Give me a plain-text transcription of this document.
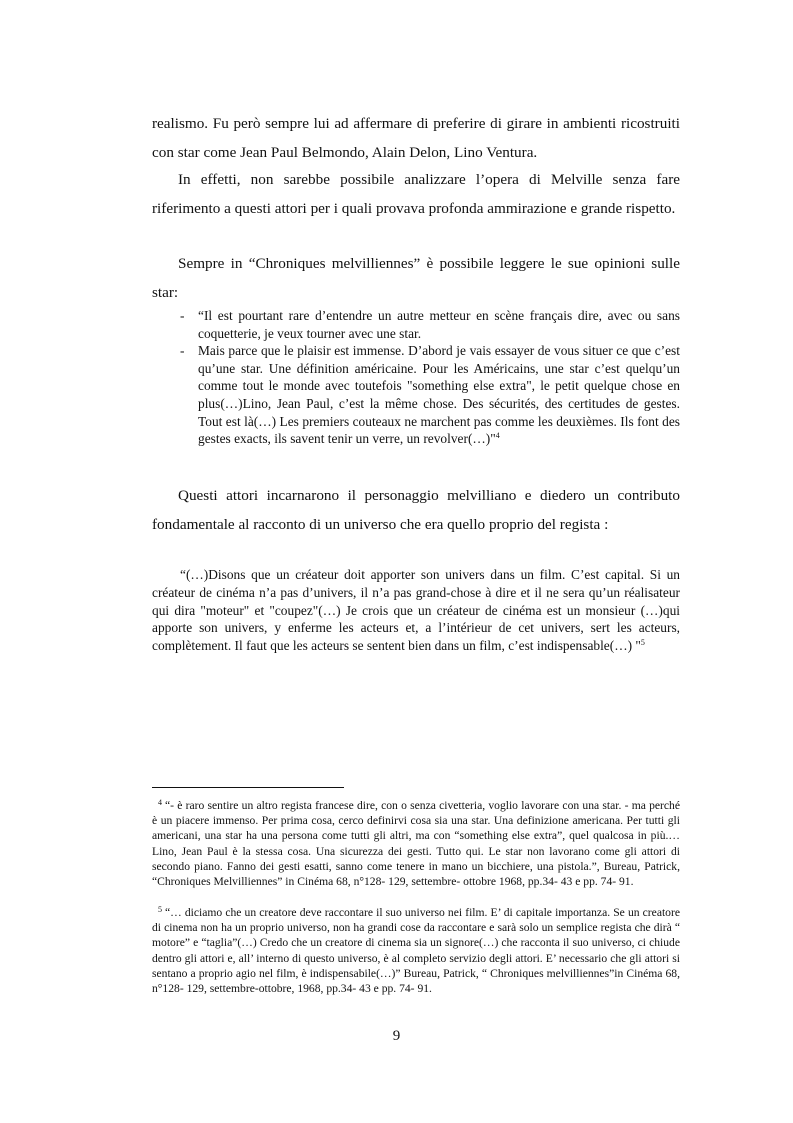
realismo. Fu però sempre lui ad affermare di preferire di girare in ambienti ricostruiti con star come Jean Paul Belmondo, Alain Delon, Lino Ventura.

In effetti, non sarebbe possibile analizzare l’opera di Melville senza fare riferimento a questi attori per i quali provava profonda ammirazione e grande rispetto.

Sempre in “Chroniques melvilliennes” è possibile leggere le sue opinioni sulle star:

- “Il est pourtant rare d’entendre un autre metteur en scène français dire, avec ou sans coquetterie, je veux tourner avec une star.
- Mais parce que le plaisir est immense. D’abord je vais essayer de vous situer ce que c’est qu’une star. Une définition américaine. Pour les Américains, une star c’est quelqu’un comme tout le monde avec toutefois "something else extra", le petit quelque chose en plus(…)Lino, Jean Paul, c’est la même chose. Des sécurités, des certitudes de gestes. Tout est là(…) Les premiers couteaux ne marchent pas comme les deuxièmes. Ils font des gestes exacts, ils savent tenir un verre, un revolver(…)"$^4$

Questi attori incarnarono il personaggio melvilliano e diedero un contributo fondamentale al racconto di un universo che era quello proprio del regista :

“(…)Disons que un créateur doit apporter son univers dans un film. C’est capital. Si un créateur de cinéma n’a pas d’univers, il n’a pas grand-chose à dire et il ne sera qu’un réalisateur qui dira "moteur" et "coupez"(…) Je crois que un créateur de cinéma est un monsieur (…)qui apporte son univers, y enferme les acteurs et, a l’intérieur de cet univers, sert les acteurs, complètement. Il faut que les acteurs se sentent bien dans un film, c’est indispensable(…) "$^5$

$^4$ “- è raro sentire un altro regista francese dire, con o senza civetteria, voglio lavorare con una star. - ma perché è un piacere immenso. Per prima cosa, cerco definirvi cosa sia una star. Una definizione americana. Per tutti gli americani, una star ha una persona come tutti gli altri, ma con “something else extra”, quel qualcosa in più.… Lino, Jean Paul è la stessa cosa. Una sicurezza dei gesti. Tutto qui. Le star non lavorano come gli attori di secondo piano. Fanno dei gesti esatti, sanno come tenere in mano un bicchiere, una pistola.”, Bureau, Patrick, “Chroniques Melvilliennes” in Cinéma 68, n°128- 129, settembre- ottobre 1968, pp.34- 43 e pp. 74- 91.

$^5$ “… diciamo che un creatore deve raccontare il suo universo nei film. E’ di capitale importanza. Se un creatore di cinema non ha un proprio universo, non ha grandi cose da raccontare e sarà solo un semplice regista che dirà “ motore” e “taglia”(…) Credo che un creatore di cinema sia un signore(…) che racconta il suo universo, ci chiude dentro gli attori e, all’ interno di questo universo, è al completo servizio degli attori. E’ necessario che gli attori si sentano a proprio agio nel film, è indispensabile(…)” Bureau, Patrick, “ Chroniques melvilliennes”in Cinéma 68, n°128- 129, settembre-ottobre, 1968, pp.34- 43 e pp. 74- 91.

9
